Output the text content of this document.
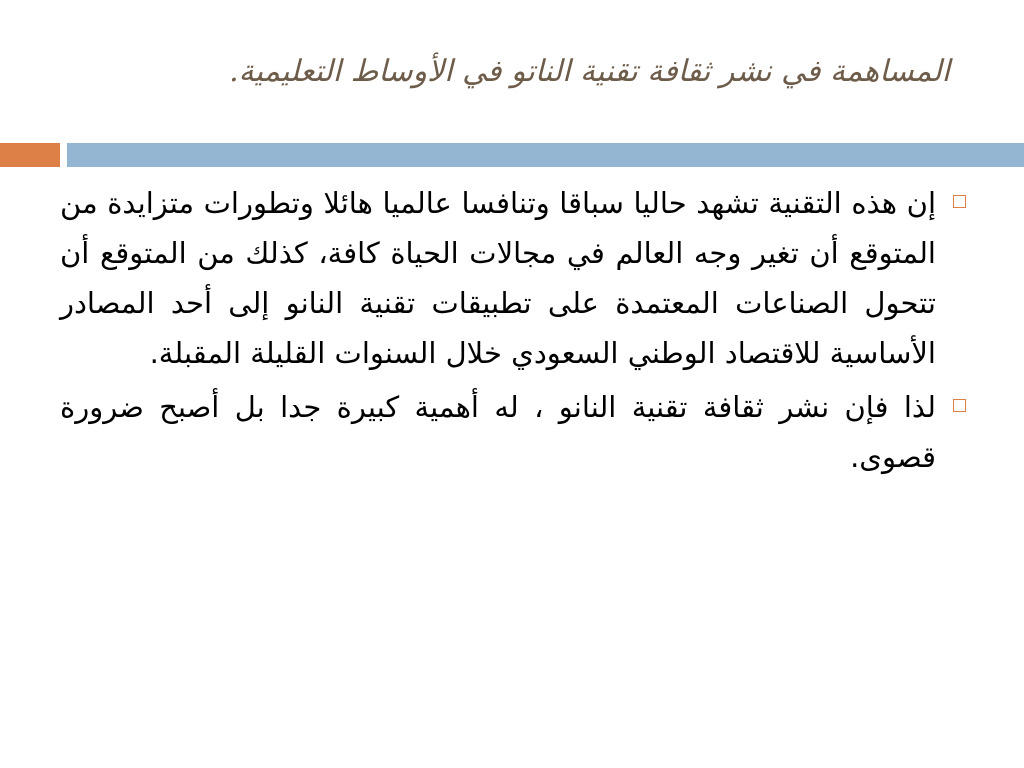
المساهمة في نشر ثقافة تقنية الناتو في الأوساط التعليمية.
إن هذه التقنية تشهد حاليا سباقا وتنافسا عالميا هائلا وتطورات متزايدة من المتوقع أن تغير وجه العالم في مجالات الحياة كافة، كذلك من المتوقع أن تتحول الصناعات المعتمدة على تطبيقات تقنية النانو إلى أحد المصادر الأساسية للاقتصاد الوطني السعودي خلال السنوات القليلة المقبلة.
لذا فإن نشر ثقافة تقنية النانو ، له أهمية كبيرة جدا بل أصبح ضرورة قصوى.
